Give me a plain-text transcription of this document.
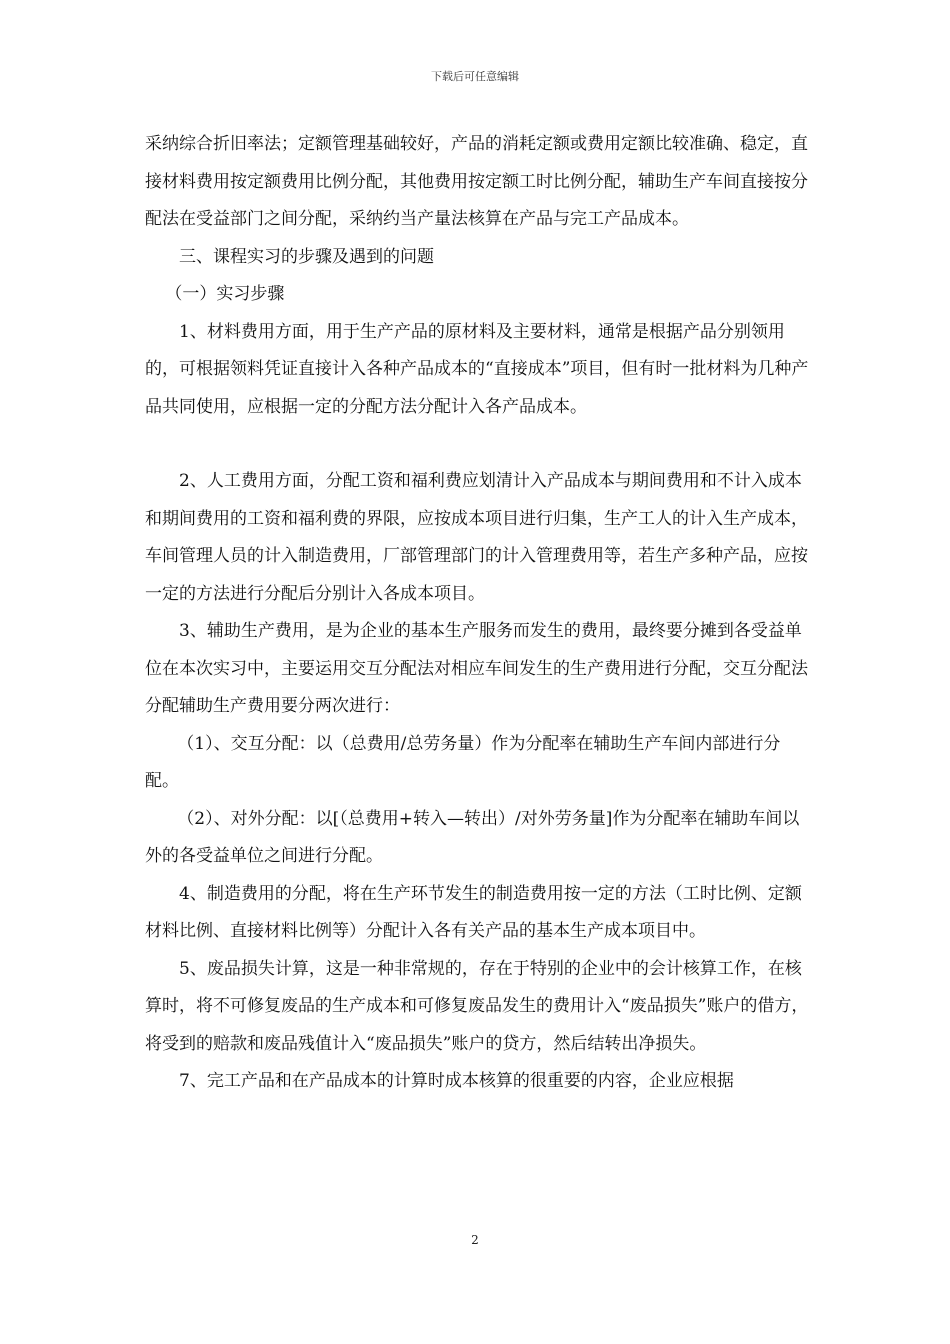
下载后可任意编辑

采纳综合折旧率法；定额管理基础较好，产品的消耗定额或费用定额比较准确、稳定，直接材料费用按定额费用比例分配，其他费用按定额工时比例分配，辅助生产车间直接按分配法在受益部门之间分配，采纳约当产量法核算在产品与完工产品成本。

三、课程实习的步骤及遇到的问题

（一）实习步骤

1、材料费用方面，用于生产产品的原材料及主要材料，通常是根据产品分别领用的，可根据领料凭证直接计入各种产品成本的“直接成本”项目，但有时一批材料为几种产品共同使用，应根据一定的分配方法分配计入各产品成本。

2、人工费用方面，分配工资和福利费应划清计入产品成本与期间费用和不计入成本和期间费用的工资和福利费的界限，应按成本项目进行归集，生产工人的计入生产成本，车间管理人员的计入制造费用，厂部管理部门的计入管理费用等，若生产多种产品，应按一定的方法进行分配后分别计入各成本项目。

3、辅助生产费用，是为企业的基本生产服务而发生的费用，最终要分摊到各受益单位在本次实习中，主要运用交互分配法对相应车间发生的生产费用进行分配，交互分配法分配辅助生产费用要分两次进行：

（1）、交互分配：以（总费用/总劳务量）作为分配率在辅助生产车间内部进行分配。

（2）、对外分配：以[（总费用+转入—转出）/对外劳务量]作为分配率在辅助车间以外的各受益单位之间进行分配。

4、制造费用的分配，将在生产环节发生的制造费用按一定的方法（工时比例、定额材料比例、直接材料比例等）分配计入各有关产品的基本生产成本项目中。

5、废品损失计算，这是一种非常规的，存在于特别的企业中的会计核算工作，在核算时，将不可修复废品的生产成本和可修复废品发生的费用计入“废品损失”账户的借方，将受到的赔款和废品残值计入“废品损失”账户的贷方，然后结转出净损失。

7、完工产品和在产品成本的计算时成本核算的很重要的内容，企业应根据

2
